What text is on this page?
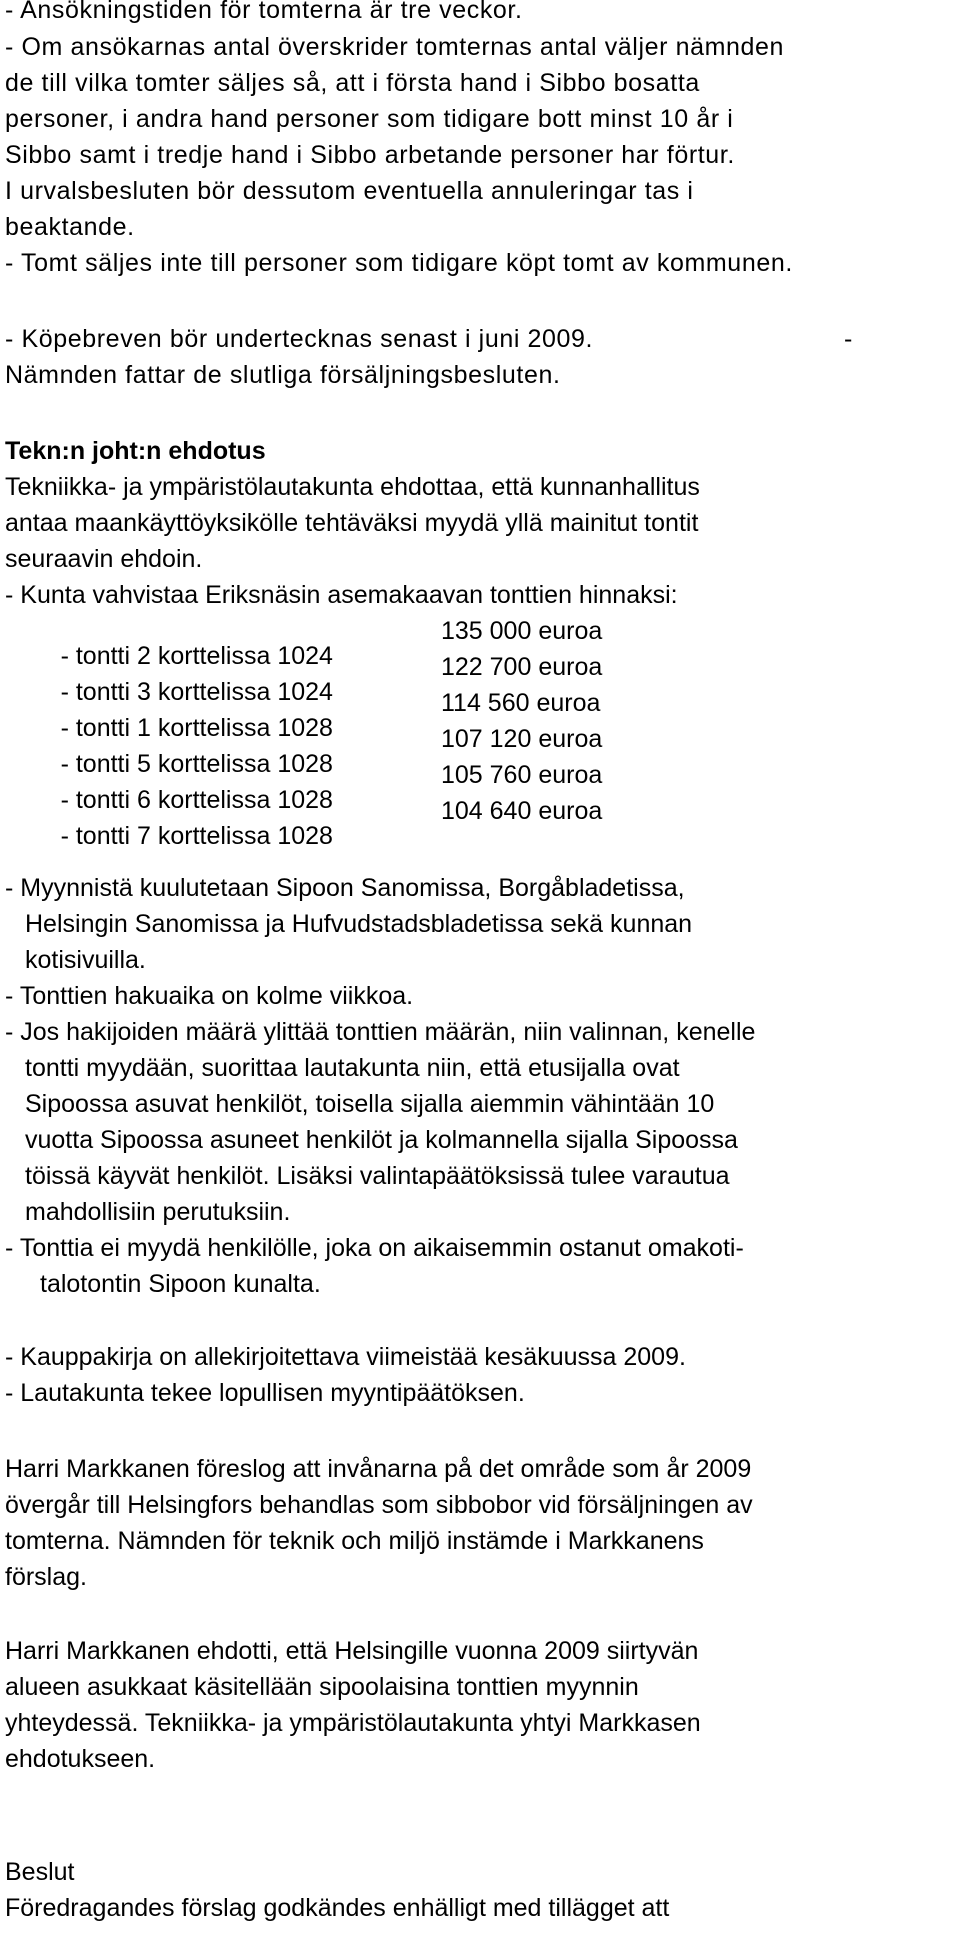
- Ansökningstiden för tomterna är tre veckor.
- Om ansökarnas antal överskrider tomternas antal väljer nämnden
de till vilka tomter säljes så, att i första hand i Sibbo bosatta
personer, i andra hand personer som tidigare bott minst 10 år i
Sibbo samt i tredje hand i Sibbo arbetande personer har förtur.
I urvalsbesluten bör dessutom eventuella annuleringar tas i
beaktande.
- Tomt säljes inte till personer som tidigare köpt tomt av kommunen.
- Köpebreven bör undertecknas senast i juni 2009.	-
Nämnden fattar de slutliga försäljningsbesluten.
Tekn:n joht:n ehdotus
Tekniikka- ja ympäristölautakunta ehdottaa, että kunnanhallitus
antaa maankäyttöyksikölle tehtäväksi myydä yllä mainitut tontit
seuraavin ehdoin.
- Kunta vahvistaa Eriksnäsin asemakaavan tonttien hinnaksi:

- tontti 2 korttelissa 1024

135 000 euroa

- tontti 3 korttelissa 1024

122 700 euroa

- tontti 1 korttelissa 1028

114 560 euroa

- tontti 5 korttelissa 1028

107 120 euroa

- tontti 6 korttelissa 1028

105 760 euroa

- tontti 7 korttelissa 1028

104 640 euroa

- Myynnistä kuulutetaan Sipoon Sanomissa, Borgåbladetissa,
Helsingin Sanomissa ja Hufvudstadsbladetissa sekä kunnan
kotisivuilla.
- Tonttien hakuaika on kolme viikkoa.
- Jos hakijoiden määrä ylittää tonttien määrän, niin valinnan, kenelle
tontti myydään, suorittaa lautakunta niin, että etusijalla ovat
Sipoossa asuvat henkilöt, toisella sijalla aiemmin vähintään 10
vuotta Sipoossa asuneet henkilöt ja kolmannella sijalla Sipoossa
töissä käyvät henkilöt. Lisäksi valintapäätöksissä tulee varautua
mahdollisiin perutuksiin.
- Tonttia ei myydä henkilölle, joka on aikaisemmin ostanut omakoti-
talotontin Sipoon kunalta.
- Kauppakirja on allekirjoitettava viimeistää kesäkuussa 2009.
- Lautakunta tekee lopullisen myyntipäätöksen.
Harri Markkanen föreslog att invånarna på det område som år 2009
övergår till Helsingfors behandlas som sibbobor vid försäljningen av
tomterna. Nämnden för teknik och miljö instämde i Markkanens
förslag.
Harri Markkanen ehdotti, että Helsingille vuonna 2009 siirtyvän
alueen asukkaat käsitellään sipoolaisina tonttien myynnin
yhteydessä. Tekniikka- ja ympäristölautakunta yhtyi Markkasen
ehdotukseen.
Beslut
Föredragandes förslag godkändes enhälligt med tillägget att
